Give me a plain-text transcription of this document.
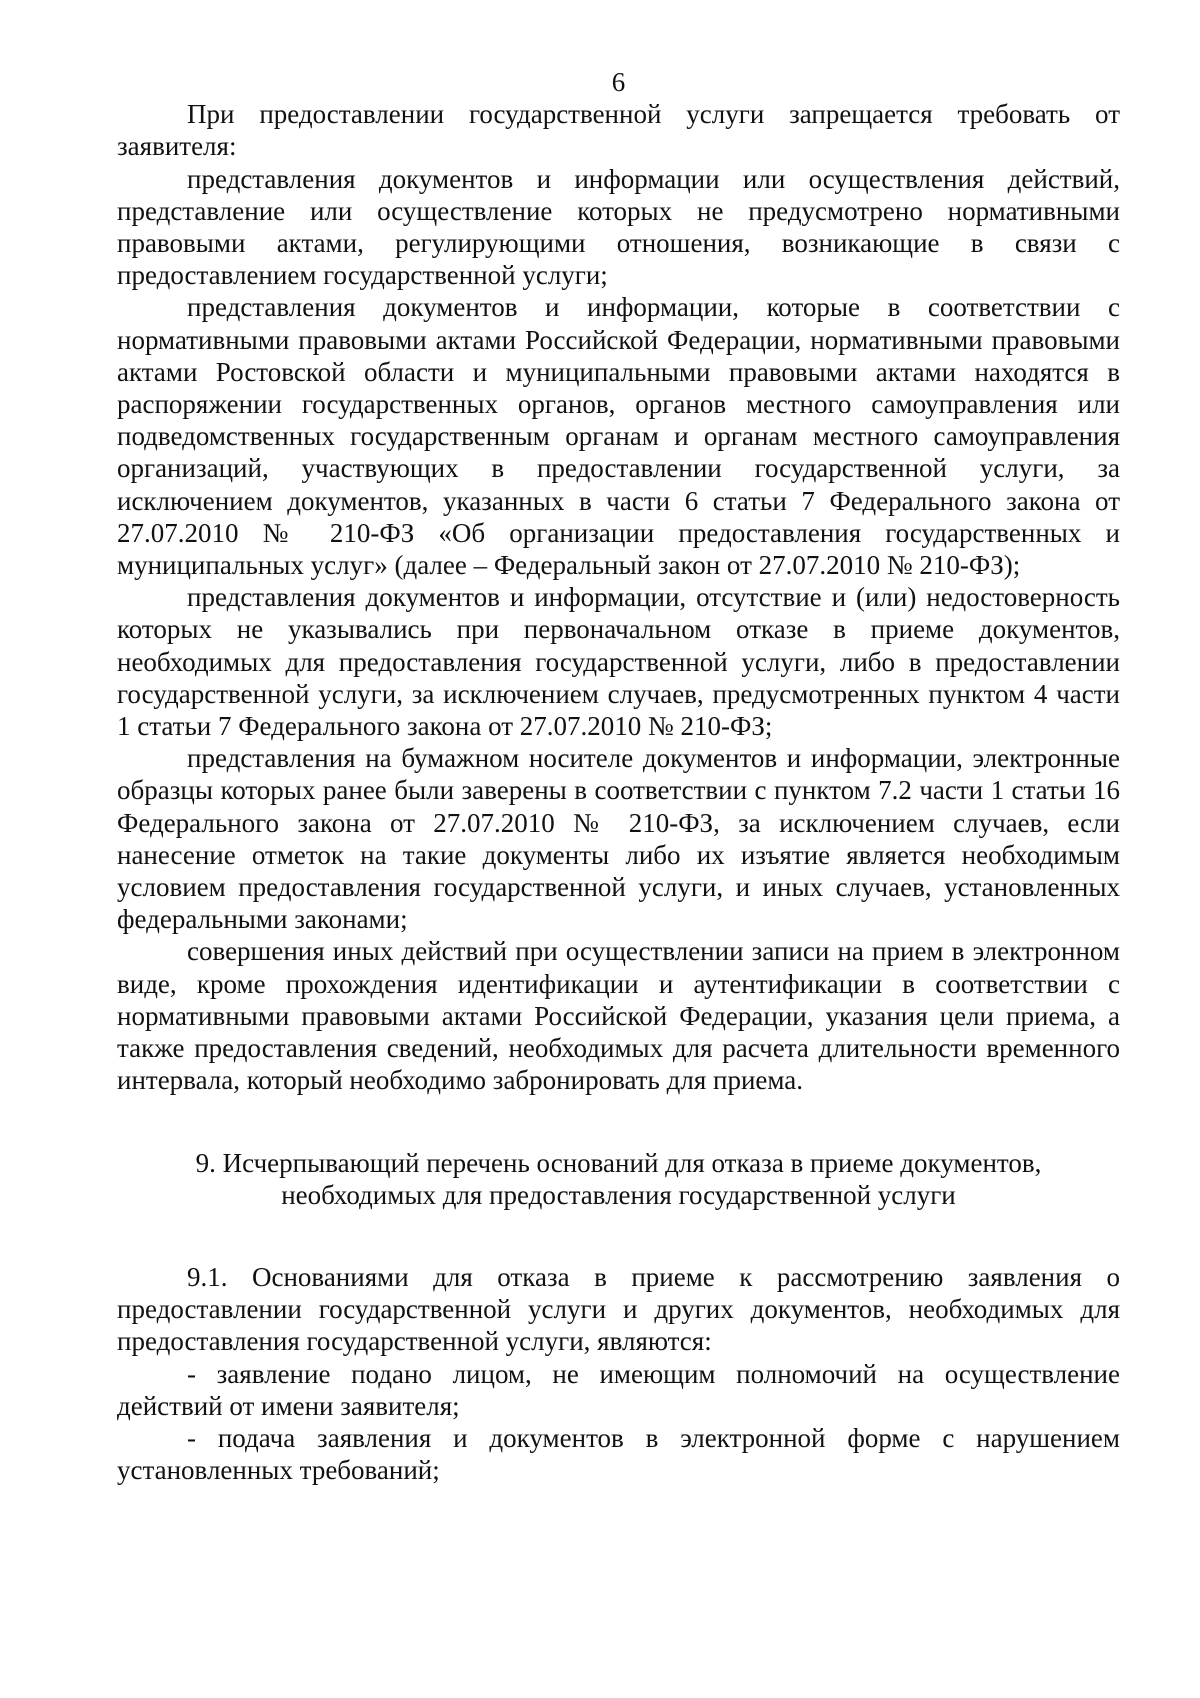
6

При предоставлении государственной услуги запрещается требовать от заявителя:

представления документов и информации или осуществления действий, представление или осуществление которых не предусмотрено нормативными правовыми актами, регулирующими отношения, возникающие в связи с предоставлением государственной услуги;

представления документов и информации, которые в соответствии с нормативными правовыми актами Российской Федерации, нормативными правовыми актами Ростовской области и муниципальными правовыми актами находятся в распоряжении государственных органов, органов местного самоуправления или подведомственных государственным органам и органам местного самоуправления организаций, участвующих в предоставлении государственной услуги, за исключением документов, указанных в части 6 статьи 7 Федерального закона от 27.07.2010 № 210-ФЗ «Об организации предоставления государственных и муниципальных услуг» (далее – Федеральный закон от 27.07.2010 № 210-ФЗ);

представления документов и информации, отсутствие и (или) недостоверность которых не указывались при первоначальном отказе в приеме документов, необходимых для предоставления государственной услуги, либо в предоставлении государственной услуги, за исключением случаев, предусмотренных пунктом 4 части 1 статьи 7 Федерального закона от 27.07.2010 № 210-ФЗ;

представления на бумажном носителе документов и информации, электронные образцы которых ранее были заверены в соответствии с пунктом 7.2 части 1 статьи 16 Федерального закона от 27.07.2010 № 210-ФЗ, за исключением случаев, если нанесение отметок на такие документы либо их изъятие является необходимым условием предоставления государственной услуги, и иных случаев, установленных федеральными законами;

совершения иных действий при осуществлении записи на прием в электронном виде, кроме прохождения идентификации и аутентификации в соответствии с нормативными правовыми актами Российской Федерации, указания цели приема, а также предоставления сведений, необходимых для расчета длительности временного интервала, который необходимо забронировать для приема.

9. Исчерпывающий перечень оснований для отказа в приеме документов, необходимых для предоставления государственной услуги

9.1. Основаниями для отказа в приеме к рассмотрению заявления о предоставлении государственной услуги и других документов, необходимых для предоставления государственной услуги, являются:

- заявление подано лицом, не имеющим полномочий на осуществление действий от имени заявителя;

- подача заявления и документов в электронной форме с нарушением установленных требований;
